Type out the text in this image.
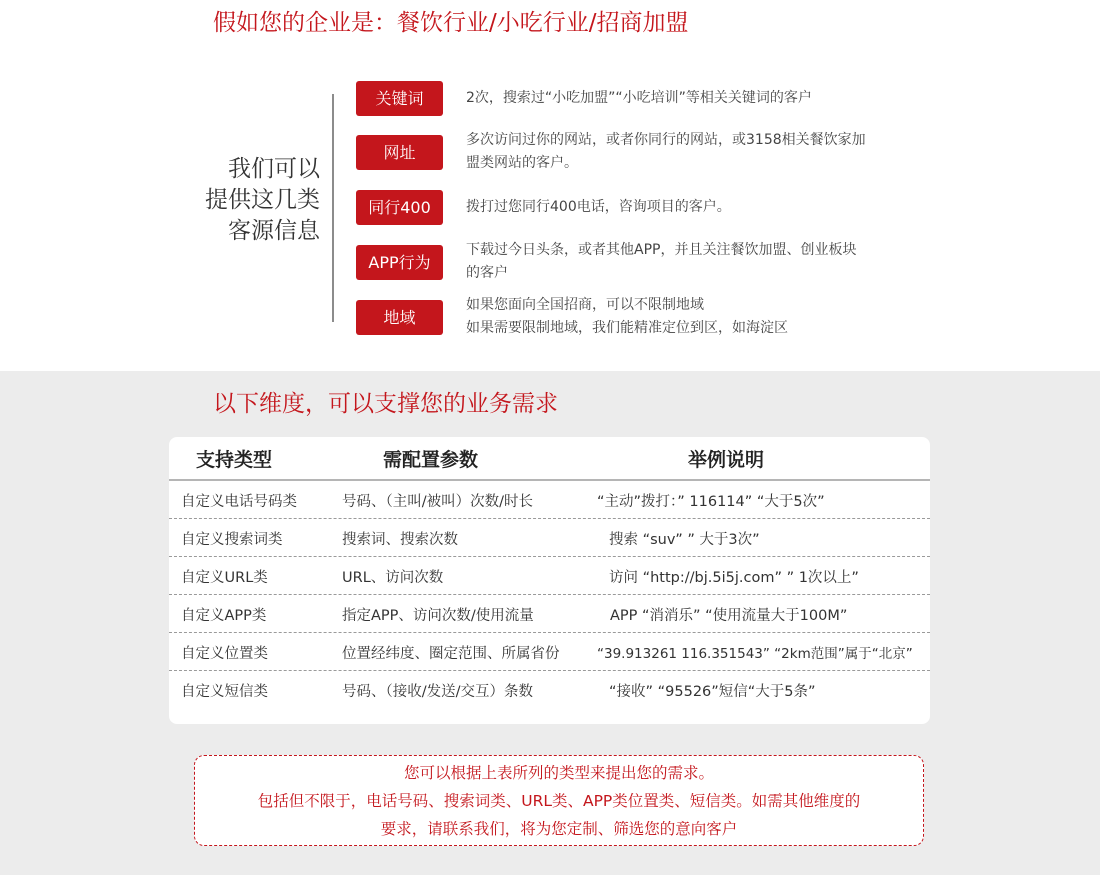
假如您的企业是：餐饮行业/小吃行业/招商加盟
我们可以
提供这几类
客源信息
关键词	2次，搜索过“小吃加盟”“小吃培训”等相关关键词的客户
网址
多次访问过你的网站，或者你同行的网站，或3158相关餐饮家加
盟类网站的客户。
同行400	拨打过您同行400电话，咨询项目的客户。
APP行为
下载过今日头条，或者其他APP，并且关注餐饮加盟、创业板块
的客户
地域
如果您面向全国招商，可以不限制地域
如果需要限制地域，我们能精准定位到区，如海淀区
以下维度，可以支撑您的业务需求
支持类型	需配置参数	举例说明
自定义电话号码类	号码、（主叫/被叫）次数/时长	“主动”拨打：” 116114” “大于5次”
自定义搜索词类	搜索词、搜索次数	搜索 “suv” ” 大于3次”
自定义URL类	URL、访问次数	访问 “http://bj.5i5j.com” ” 1次以上”
自定义APP类	指定APP、访问次数/使用流量	APP “消消乐” “使用流量大于100M”
自定义位置类	位置经纬度、圈定范围、所属省份	“39.913261 116.351543” “2km范围”属于“北京”
自定义短信类	号码、（接收/发送/交互）条数	“接收” “95526”短信“大于5条”
您可以根据上表所列的类型来提出您的需求。
包括但不限于，电话号码、搜索词类、URL类、APP类位置类、短信类。如需其他维度的
要求，请联系我们，将为您定制、筛选您的意向客户
